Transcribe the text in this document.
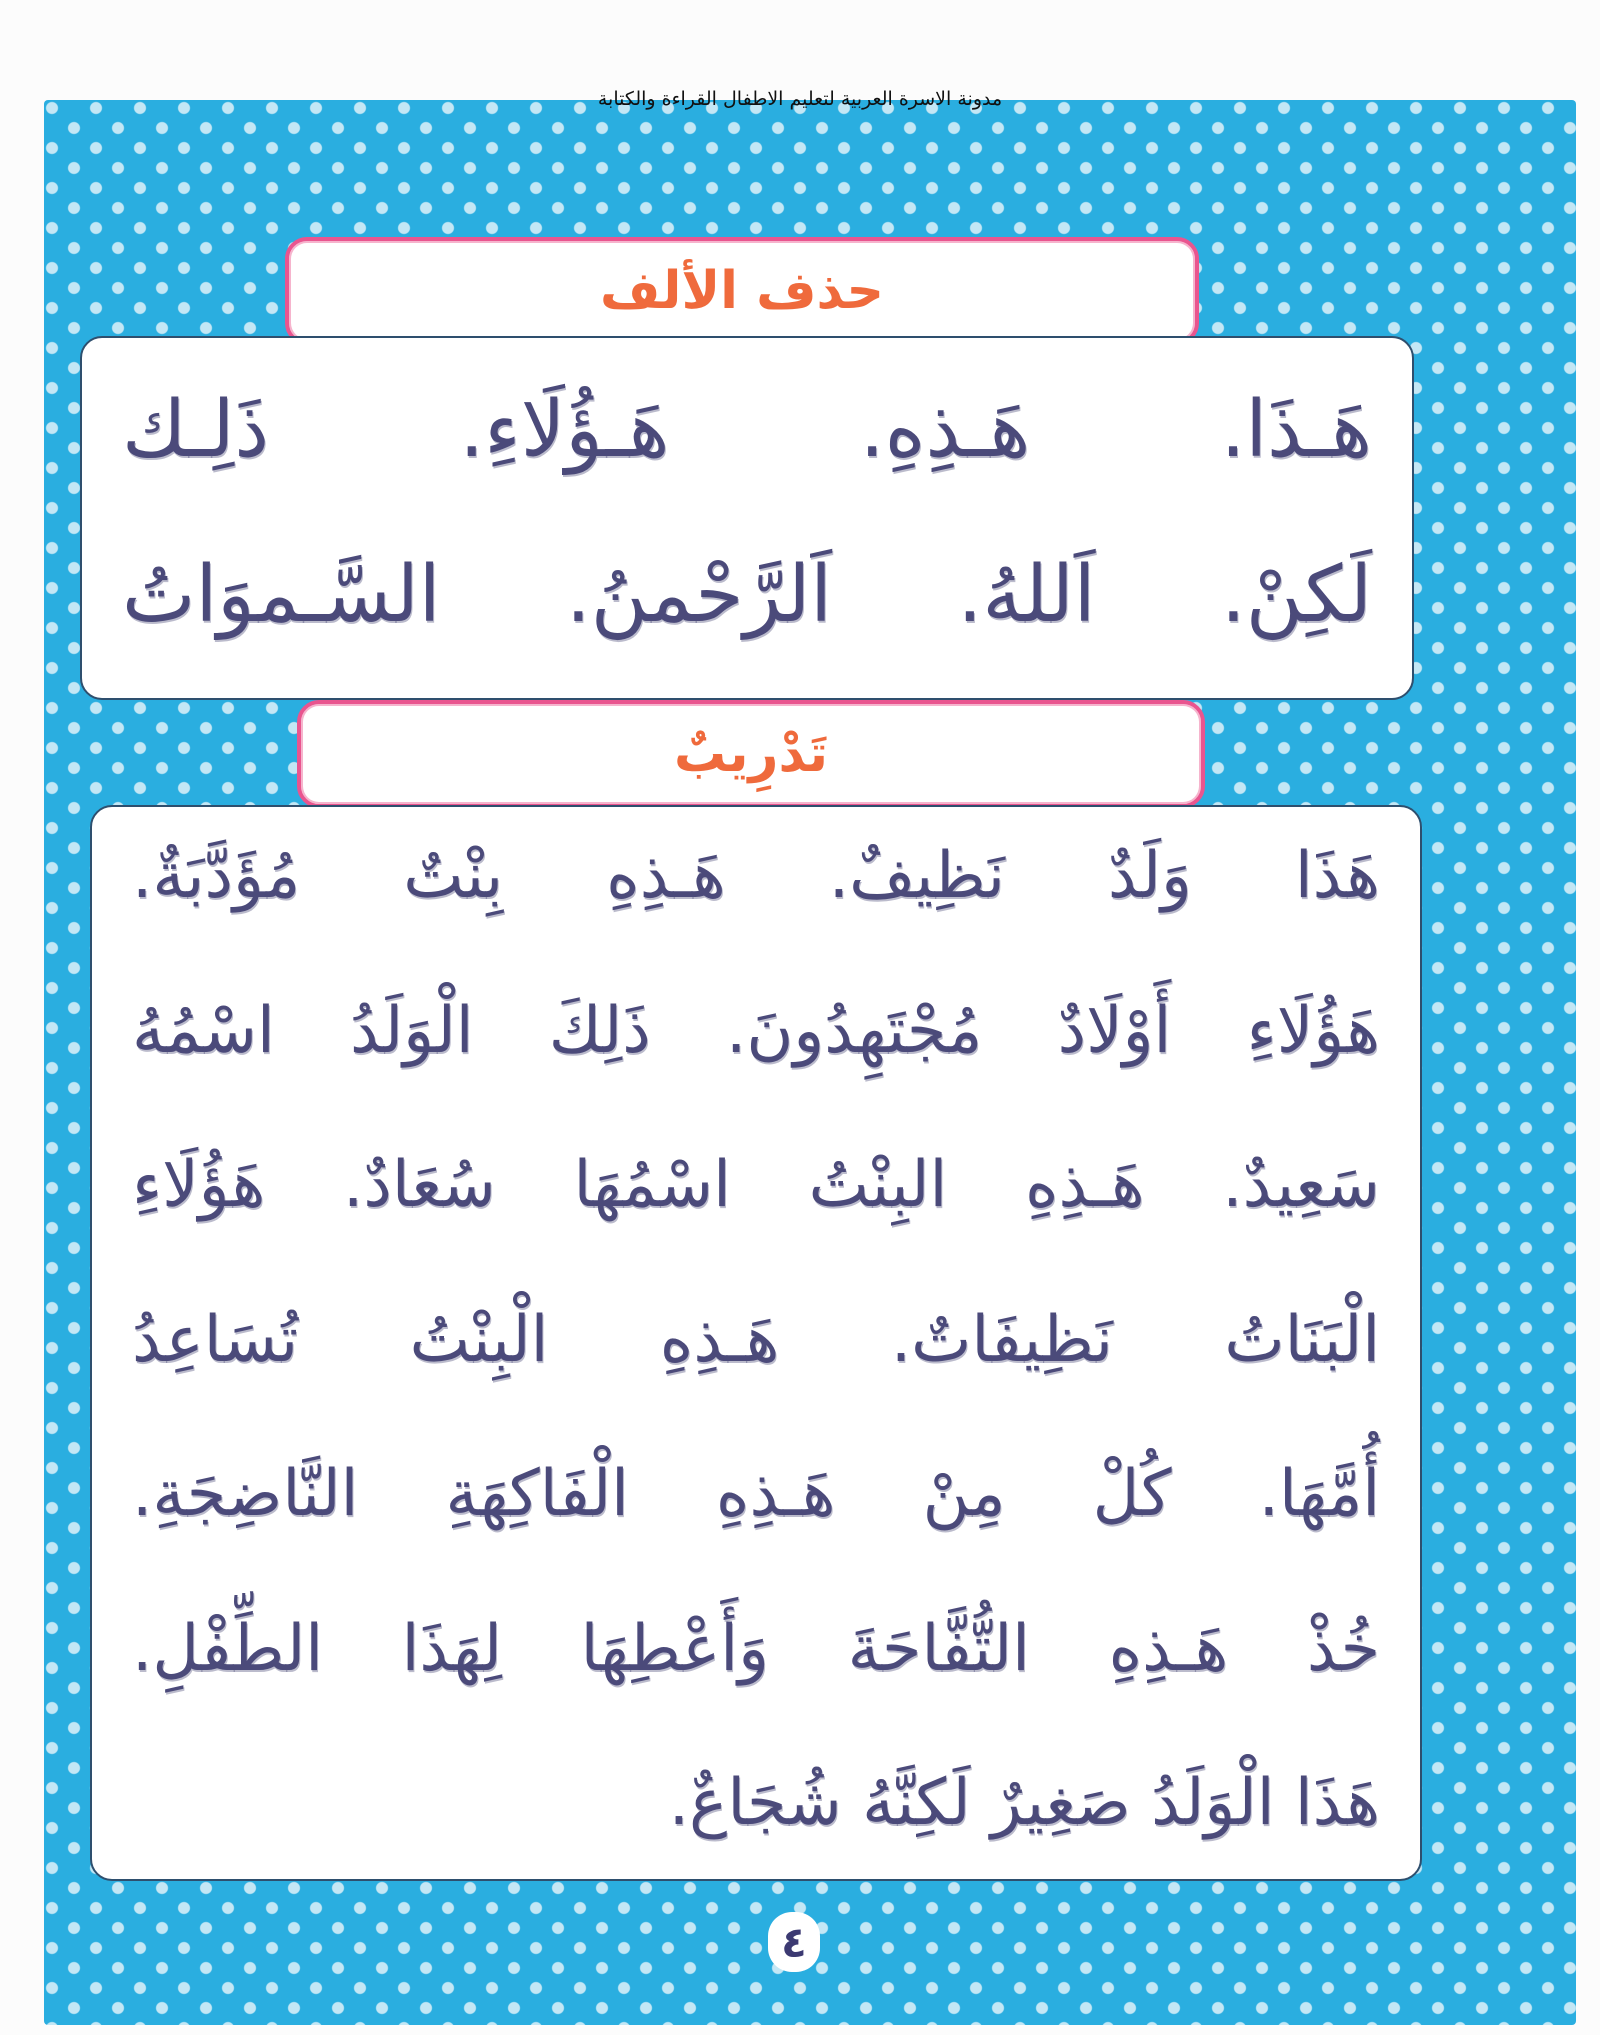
مدونة الاسرة العربية لتعليم الاطفال القراءة والكتابة
حذف الألف
هَـذَا.
هَـذِهِ.
هَـؤُلَاءِ.
ذَلِـك
لَكِنْ.
اَللهُ.
اَلرَّحْمنُ.
السَّـموَاتُ
تَدْرِيبٌ
هَذَا وَلَدٌ نَظِيفٌ. هَـذِهِ بِنْتٌ مُؤَدَّبَةٌ.
هَؤُلَاءِ أَوْلَادٌ مُجْتَهِدُونَ. ذَلِكَ الْوَلَدُ اسْمُهُ
سَعِيدٌ. هَـذِهِ البِنْتُ اسْمُهَا سُعَادٌ. هَؤُلَاءِ
الْبَنَاتُ نَظِيفَاتٌ. هَـذِهِ الْبِنْتُ تُسَاعِدُ
أُمَّهَا. كُلْ مِنْ هَـذِهِ الْفَاكِهَةِ النَّاضِجَةِ.
خُذْ هَـذِهِ التُّفَّاحَةَ وَأَعْطِهَا لِهَذَا الطِّفْلِ.
هَذَا الْوَلَدُ صَغِيرٌ لَكِنَّهُ شُجَاعٌ.
٤
